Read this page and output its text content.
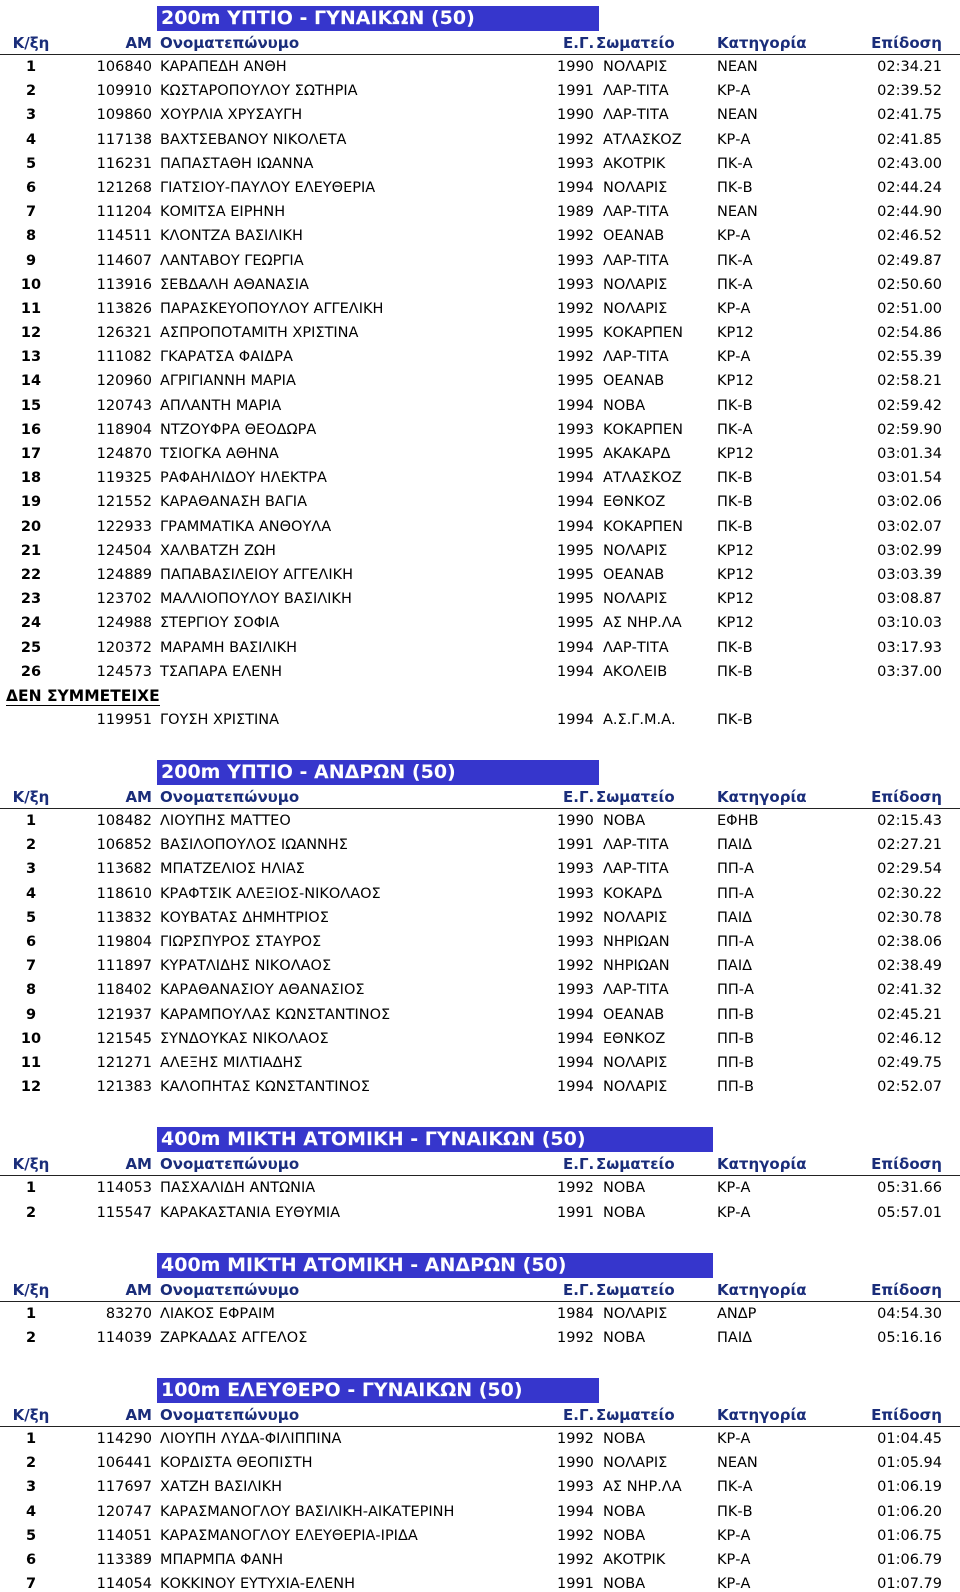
200m ΥΠΤΙΟ - ΓΥΝΑΙΚΩΝ (50)
Κ/ξη	ΑΜ Ονοματεπώνυμο	Ε.Γ. Σωματείο	Κατηγορία	Επίδοση
1	106840 ΚΑΡΑΠΕΔΗ ΑΝΘΗ	1990 ΝΟΛΑΡΙΣ	ΝΕΑΝ	02:34.21
2	109910 ΚΩΣΤΑΡΟΠΟΥΛΟΥ ΣΩΤΗΡΙΑ	1991 ΛΑΡ-ΤΙΤΑ	ΚΡ-Α	02:39.52
3	109860 ΧΟΥΡΛΙΑ ΧΡΥΣΑΥΓΗ	1990 ΛΑΡ-ΤΙΤΑ	ΝΕΑΝ	02:41.75
4	117138 ΒΑΧΤΣΕΒΑΝΟΥ ΝΙΚΟΛΕΤΑ	1992 ΑΤΛΑΣΚΟΖ	ΚΡ-Α	02:41.85
5	116231 ΠΑΠΑΣΤΑΘΗ ΙΩΑΝΝΑ	1993 ΑΚΟΤΡΙΚ	ΠΚ-Α	02:43.00
6	121268 ΓΙΑΤΣΙΟΥ-ΠΑΥΛΟΥ ΕΛΕΥΘΕΡΙΑ	1994 ΝΟΛΑΡΙΣ	ΠΚ-Β	02:44.24
7	111204 ΚΟΜΙΤΣΑ ΕΙΡΗΝΗ	1989 ΛΑΡ-ΤΙΤΑ	ΝΕΑΝ	02:44.90
8	114511 ΚΛΟΝΤΖΑ ΒΑΣΙΛΙΚΗ	1992 ΟΕΑΝΑΒ	ΚΡ-Α	02:46.52
9	114607 ΛΑΝΤΑΒΟΥ ΓΕΩΡΓΙΑ	1993 ΛΑΡ-ΤΙΤΑ	ΠΚ-Α	02:49.87
10	113916 ΣΕΒΔΑΛΗ ΑΘΑΝΑΣΙΑ	1993 ΝΟΛΑΡΙΣ	ΠΚ-Α	02:50.60
11	113826 ΠΑΡΑΣΚΕΥΟΠΟΥΛΟΥ ΑΓΓΕΛΙΚΗ	1992 ΝΟΛΑΡΙΣ	ΚΡ-Α	02:51.00
12	126321 ΑΣΠΡΟΠΟΤΑΜΙΤΗ ΧΡΙΣΤΙΝΑ	1995 ΚΟΚΑΡΠΕΝ	ΚΡ12	02:54.86
13	111082 ΓΚΑΡΑΤΣΑ ΦΑΙΔΡΑ	1992 ΛΑΡ-ΤΙΤΑ	ΚΡ-Α	02:55.39
14	120960 ΑΓΡΙΓΙΑΝΝΗ ΜΑΡΙΑ	1995 ΟΕΑΝΑΒ	ΚΡ12	02:58.21
15	120743 ΑΠΛΑΝΤΗ ΜΑΡΙΑ	1994 ΝΟΒΑ	ΠΚ-Β	02:59.42
16	118904 ΝΤΖΟΥΦΡΑ ΘΕΟΔΩΡΑ	1993 ΚΟΚΑΡΠΕΝ	ΠΚ-Α	02:59.90
17	124870 ΤΣΙΟΓΚΑ ΑΘΗΝΑ	1995 ΑΚΑΚΑΡΔ	ΚΡ12	03:01.34
18	119325 ΡΑΦΑΗΛΙΔΟΥ ΗΛΕΚΤΡΑ	1994 ΑΤΛΑΣΚΟΖ	ΠΚ-Β	03:01.54
19	121552 ΚΑΡΑΘΑΝΑΣΗ ΒΑΓΙΑ	1994 ΕΘΝΚΟΖ	ΠΚ-Β	03:02.06
20	122933 ΓΡΑΜΜΑΤΙΚΑ ΑΝΘΟΥΛΑ	1994 ΚΟΚΑΡΠΕΝ	ΠΚ-Β	03:02.07
21	124504 ΧΑΛΒΑΤΖΗ ΖΩΗ	1995 ΝΟΛΑΡΙΣ	ΚΡ12	03:02.99
22	124889 ΠΑΠΑΒΑΣΙΛΕΙΟΥ ΑΓΓΕΛΙΚΗ	1995 ΟΕΑΝΑΒ	ΚΡ12	03:03.39
23	123702 ΜΑΛΛΙΟΠΟΥΛΟΥ ΒΑΣΙΛΙΚΗ	1995 ΝΟΛΑΡΙΣ	ΚΡ12	03:08.87
24	124988 ΣΤΕΡΓΙΟΥ ΣΟΦΙΑ	1995 ΑΣ ΝΗΡ.ΛΑ	ΚΡ12	03:10.03
25	120372 ΜΑΡΑΜΗ ΒΑΣΙΛΙΚΗ	1994 ΛΑΡ-ΤΙΤΑ	ΠΚ-Β	03:17.93
26	124573 ΤΣΑΠΑΡΑ ΕΛΕΝΗ	1994 ΑΚΟΛΕΙΒ	ΠΚ-Β	03:37.00
ΔΕΝ ΣΥΜΜΕΤΕΙΧΕ
119951 ΓΟΥΣΗ ΧΡΙΣΤΙΝΑ	1994 Α.Σ.Γ.Μ.Α.	ΠΚ-Β
200m ΥΠΤΙΟ - ΑΝΔΡΩΝ (50)
Κ/ξη	ΑΜ Ονοματεπώνυμο	Ε.Γ. Σωματείο	Κατηγορία	Επίδοση
1	108482 ΛΙΟΥΠΗΣ ΜΑΤΤΕΟ	1990 ΝΟΒΑ	ΕΦΗΒ	02:15.43
2	106852 ΒΑΣΙΛΟΠΟΥΛΟΣ ΙΩΑΝΝΗΣ	1991 ΛΑΡ-ΤΙΤΑ	ΠΑΙΔ	02:27.21
3	113682 ΜΠΑΤΖΕΛΙΟΣ ΗΛΙΑΣ	1993 ΛΑΡ-ΤΙΤΑ	ΠΠ-Α	02:29.54
4	118610 ΚΡΑΦΤΣΙΚ ΑΛΕΞΙΟΣ-ΝΙΚΟΛΑΟΣ	1993 ΚΟΚΑΡΔ	ΠΠ-Α	02:30.22
5	113832 ΚΟΥΒΑΤΑΣ ΔΗΜΗΤΡΙΟΣ	1992 ΝΟΛΑΡΙΣ	ΠΑΙΔ	02:30.78
6	119804 ΓΙΩΡΣΠΥΡΟΣ ΣΤΑΥΡΟΣ	1993 ΝΗΡΙΩΑΝ	ΠΠ-Α	02:38.06
7	111897 ΚΥΡΑΤΛΙΔΗΣ ΝΙΚΟΛΑΟΣ	1992 ΝΗΡΙΩΑΝ	ΠΑΙΔ	02:38.49
8	118402 ΚΑΡΑΘΑΝΑΣΙΟΥ ΑΘΑΝΑΣΙΟΣ	1993 ΛΑΡ-ΤΙΤΑ	ΠΠ-Α	02:41.32
9	121937 ΚΑΡΑΜΠΟΥΛΑΣ ΚΩΝΣΤΑΝΤΙΝΟΣ	1994 ΟΕΑΝΑΒ	ΠΠ-Β	02:45.21
10	121545 ΣΥΝΔΟΥΚΑΣ ΝΙΚΟΛΑΟΣ	1994 ΕΘΝΚΟΖ	ΠΠ-Β	02:46.12
11	121271 ΑΛΕΞΗΣ ΜΙΛΤΙΑΔΗΣ	1994 ΝΟΛΑΡΙΣ	ΠΠ-Β	02:49.75
12	121383 ΚΑΛΟΠΗΤΑΣ ΚΩΝΣΤΑΝΤΙΝΟΣ	1994 ΝΟΛΑΡΙΣ	ΠΠ-Β	02:52.07
400m ΜΙΚΤΗ ΑΤΟΜΙΚΗ - ΓΥΝΑΙΚΩΝ (50)
Κ/ξη	ΑΜ Ονοματεπώνυμο	Ε.Γ. Σωματείο	Κατηγορία	Επίδοση
1	114053 ΠΑΣΧΑΛΙΔΗ ΑΝΤΩΝΙΑ	1992 ΝΟΒΑ	ΚΡ-Α	05:31.66
2	115547 ΚΑΡΑΚΑΣΤΑΝΙΑ ΕΥΘΥΜΙΑ	1991 ΝΟΒΑ	ΚΡ-Α	05:57.01
400m ΜΙΚΤΗ ΑΤΟΜΙΚΗ - ΑΝΔΡΩΝ (50)
Κ/ξη	ΑΜ Ονοματεπώνυμο	Ε.Γ. Σωματείο	Κατηγορία	Επίδοση
1	83270 ΛΙΑΚΟΣ ΕΦΡΑΙΜ	1984 ΝΟΛΑΡΙΣ	ΑΝΔΡ	04:54.30
2	114039 ΖΑΡΚΑΔΑΣ ΑΓΓΕΛΟΣ	1992 ΝΟΒΑ	ΠΑΙΔ	05:16.16
100m ΕΛΕΥΘΕΡΟ - ΓΥΝΑΙΚΩΝ (50)
Κ/ξη	ΑΜ Ονοματεπώνυμο	Ε.Γ. Σωματείο	Κατηγορία	Επίδοση
1	114290 ΛΙΟΥΠΗ ΛΥΔΑ-ΦΙΛΙΠΠΙΝΑ	1992 ΝΟΒΑ	ΚΡ-Α	01:04.45
2	106441 ΚΟΡΔΙΣΤΑ ΘΕΟΠΙΣΤΗ	1990 ΝΟΛΑΡΙΣ	ΝΕΑΝ	01:05.94
3	117697 ΧΑΤΖΗ ΒΑΣΙΛΙΚΗ	1993 ΑΣ ΝΗΡ.ΛΑ	ΠΚ-Α	01:06.19
4	120747 ΚΑΡΑΣΜΑΝΟΓΛΟΥ ΒΑΣΙΛΙΚΗ-ΑΙΚΑΤΕΡΙΝΗ	1994 ΝΟΒΑ	ΠΚ-Β	01:06.20
5	114051 ΚΑΡΑΣΜΑΝΟΓΛΟΥ ΕΛΕΥΘΕΡΙΑ-ΙΡΙΔΑ	1992 ΝΟΒΑ	ΚΡ-Α	01:06.75
6	113389 ΜΠΑΡΜΠΑ ΦΑΝΗ	1992 ΑΚΟΤΡΙΚ	ΚΡ-Α	01:06.79
7	114054 ΚΟΚΚΙΝΟΥ ΕΥΤΥΧΙΑ-ΕΛΕΝΗ	1991 ΝΟΒΑ	ΚΡ-Α	01:07.79
